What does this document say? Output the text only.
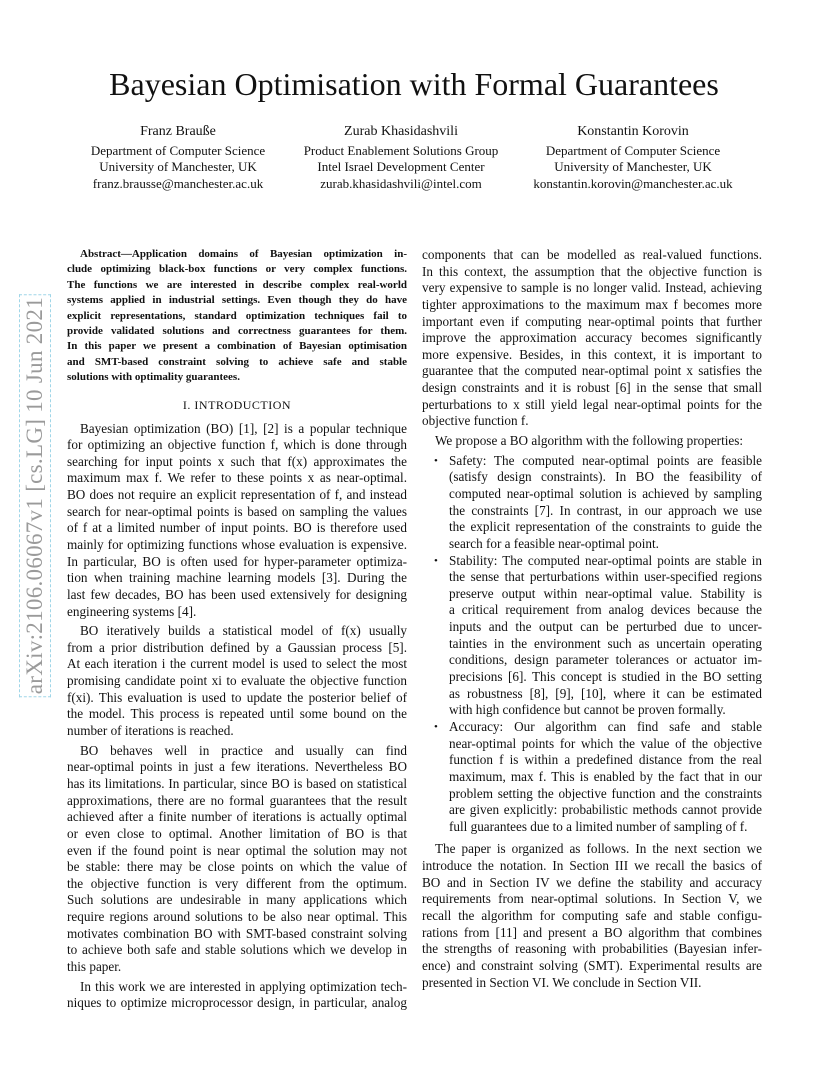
arXiv:2106.06067v1 [cs.LG] 10 Jun 2021
Bayesian Optimisation with Formal Guarantees
Franz Brauße
Department of Computer Science
University of Manchester, UK
franz.brausse@manchester.ac.uk
Zurab Khasidashvili
Product Enablement Solutions Group
Intel Israel Development Center
zurab.khasidashvili@intel.com
Konstantin Korovin
Department of Computer Science
University of Manchester, UK
konstantin.korovin@manchester.ac.uk
Abstract—Application domains of Bayesian optimization in-
clude optimizing black-box functions or very complex functions.
The functions we are interested in describe complex real-world
systems applied in industrial settings. Even though they do have
explicit representations, standard optimization techniques fail to
provide validated solutions and correctness guarantees for them.
In this paper we present a combination of Bayesian optimisation
and SMT-based constraint solving to achieve safe and stable
solutions with optimality guarantees.
I. INTRODUCTION
Bayesian optimization (BO) [1], [2] is a popular technique
for optimizing an objective function f, which is done through
searching for input points x such that f(x) approximates the
maximum max f. We refer to these points x as near-optimal.
BO does not require an explicit representation of f, and instead
search for near-optimal points is based on sampling the values
of f at a limited number of input points. BO is therefore used
mainly for optimizing functions whose evaluation is expensive.
In particular, BO is often used for hyper-parameter optimiza-
tion when training machine learning models [3]. During the
last few decades, BO has been used extensively for designing
engineering systems [4].
BO iteratively builds a statistical model of f(x) usually
from a prior distribution defined by a Gaussian process [5].
At each iteration i the current model is used to select the most
promising candidate point xi to evaluate the objective function
f(xi). This evaluation is used to update the posterior belief of
the model. This process is repeated until some bound on the
number of iterations is reached.
BO behaves well in practice and usually can find
near-optimal points in just a few iterations. Nevertheless BO
has its limitations. In particular, since BO is based on statistical
approximations, there are no formal guarantees that the result
achieved after a finite number of iterations is actually optimal
or even close to optimal. Another limitation of BO is that
even if the found point is near optimal the solution may not
be stable: there may be close points on which the value of
the objective function is very different from the optimum.
Such solutions are undesirable in many applications which
require regions around solutions to be also near optimal. This
motivates combination BO with SMT-based constraint solving
to achieve both safe and stable solutions which we develop in
this paper.
In this work we are interested in applying optimization tech-
niques to optimize microprocessor design, in particular, analog
components that can be modelled as real-valued functions.
In this context, the assumption that the objective function is
very expensive to sample is no longer valid. Instead, achieving
tighter approximations to the maximum max f becomes more
important even if computing near-optimal points that further
improve the approximation accuracy becomes significantly
more expensive. Besides, in this context, it is important to
guarantee that the computed near-optimal point x satisfies the
design constraints and it is robust [6] in the sense that small
perturbations to x still yield legal near-optimal points for the
objective function f.
We propose a BO algorithm with the following properties:
• Safety: The computed near-optimal points are feasible
(satisfy design constraints). In BO the feasibility of
computed near-optimal solution is achieved by sampling
the constraints [7]. In contrast, in our approach we use
the explicit representation of the constraints to guide the
search for a feasible near-optimal point.
• Stability: The computed near-optimal points are stable in
the sense that perturbations within user-specified regions
preserve output within near-optimal value. Stability is
a critical requirement from analog devices because the
inputs and the output can be perturbed due to uncer-
tainties in the environment such as uncertain operating
conditions, design parameter tolerances or actuator im-
precisions [6]. This concept is studied in the BO setting
as robustness [8], [9], [10], where it can be estimated
with high confidence but cannot be proven formally.
• Accuracy: Our algorithm can find safe and stable
near-optimal points for which the value of the objective
function f is within a predefined distance from the real
maximum, max f. This is enabled by the fact that in our
problem setting the objective function and the constraints
are given explicitly: probabilistic methods cannot provide
full guarantees due to a limited number of sampling of f.
The paper is organized as follows. In the next section we
introduce the notation. In Section III we recall the basics of
BO and in Section IV we define the stability and accuracy
requirements from near-optimal solutions. In Section V, we
recall the algorithm for computing safe and stable configu-
rations from [11] and present a BO algorithm that combines
the strengths of reasoning with probabilities (Bayesian infer-
ence) and constraint solving (SMT). Experimental results are
presented in Section VI. We conclude in Section VII.
